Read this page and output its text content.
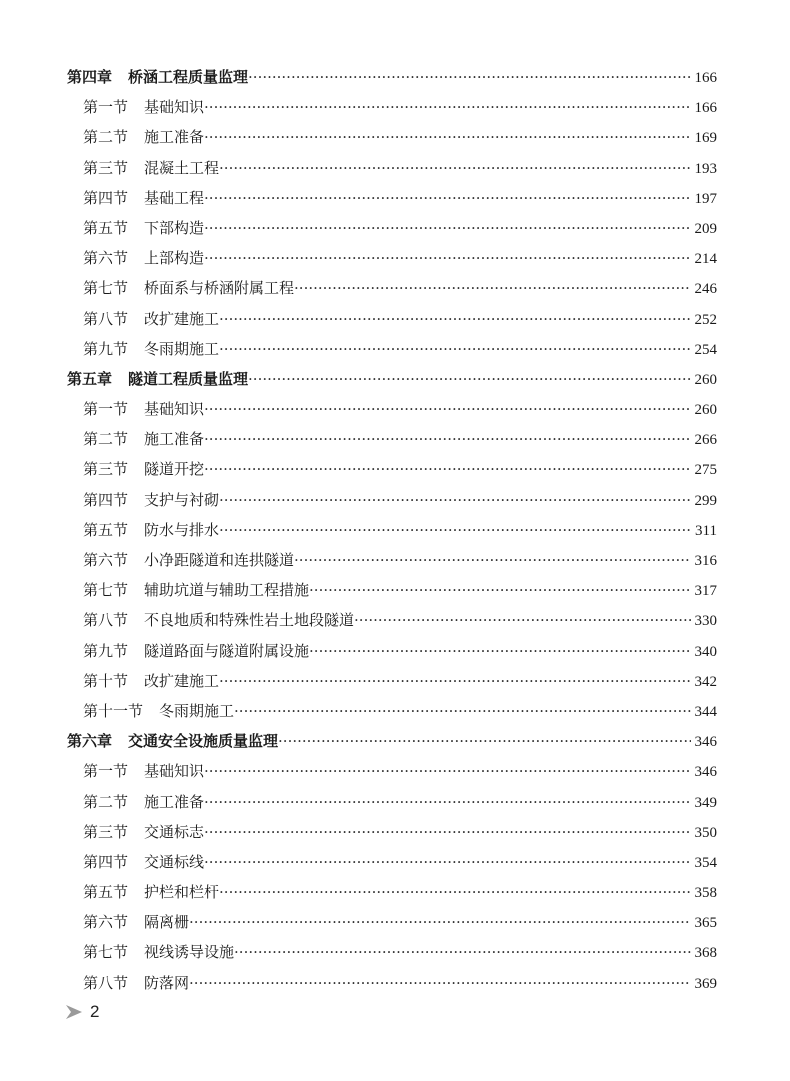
第四章 桥涵工程质量监理 ·····	166
第一节 基础知识 ·····	166
第二节 施工准备 ·····	169
第三节 混凝土工程 ·····	193
第四节 基础工程 ·····	197
第五节 下部构造 ·····	209
第六节 上部构造 ·····	214
第七节 桥面系与桥涵附属工程 ·····	246
第八节 改扩建施工 ·····	252
第九节 冬雨期施工 ·····	254
第五章 隧道工程质量监理 ·····	260
第一节 基础知识 ·····	260
第二节 施工准备 ·····	266
第三节 隧道开挖 ·····	275
第四节 支护与衬砌 ·····	299
第五节 防水与排水 ·····	311
第六节 小净距隧道和连拱隧道 ·····	316
第七节 辅助坑道与辅助工程措施 ·····	317
第八节 不良地质和特殊性岩土地段隧道 ·····	330
第九节 隧道路面与隧道附属设施 ·····	340
第十节 改扩建施工 ·····	342
第十一节 冬雨期施工 ·····	344
第六章 交通安全设施质量监理 ·····	346
第一节 基础知识 ·····	346
第二节 施工准备 ·····	349
第三节 交通标志 ·····	350
第四节 交通标线 ·····	354
第五节 护栏和栏杆 ·····	358
第六节 隔离栅 ·····	365
第七节 视线诱导设施 ·····	368
第八节 防落网 ·····	369
2
